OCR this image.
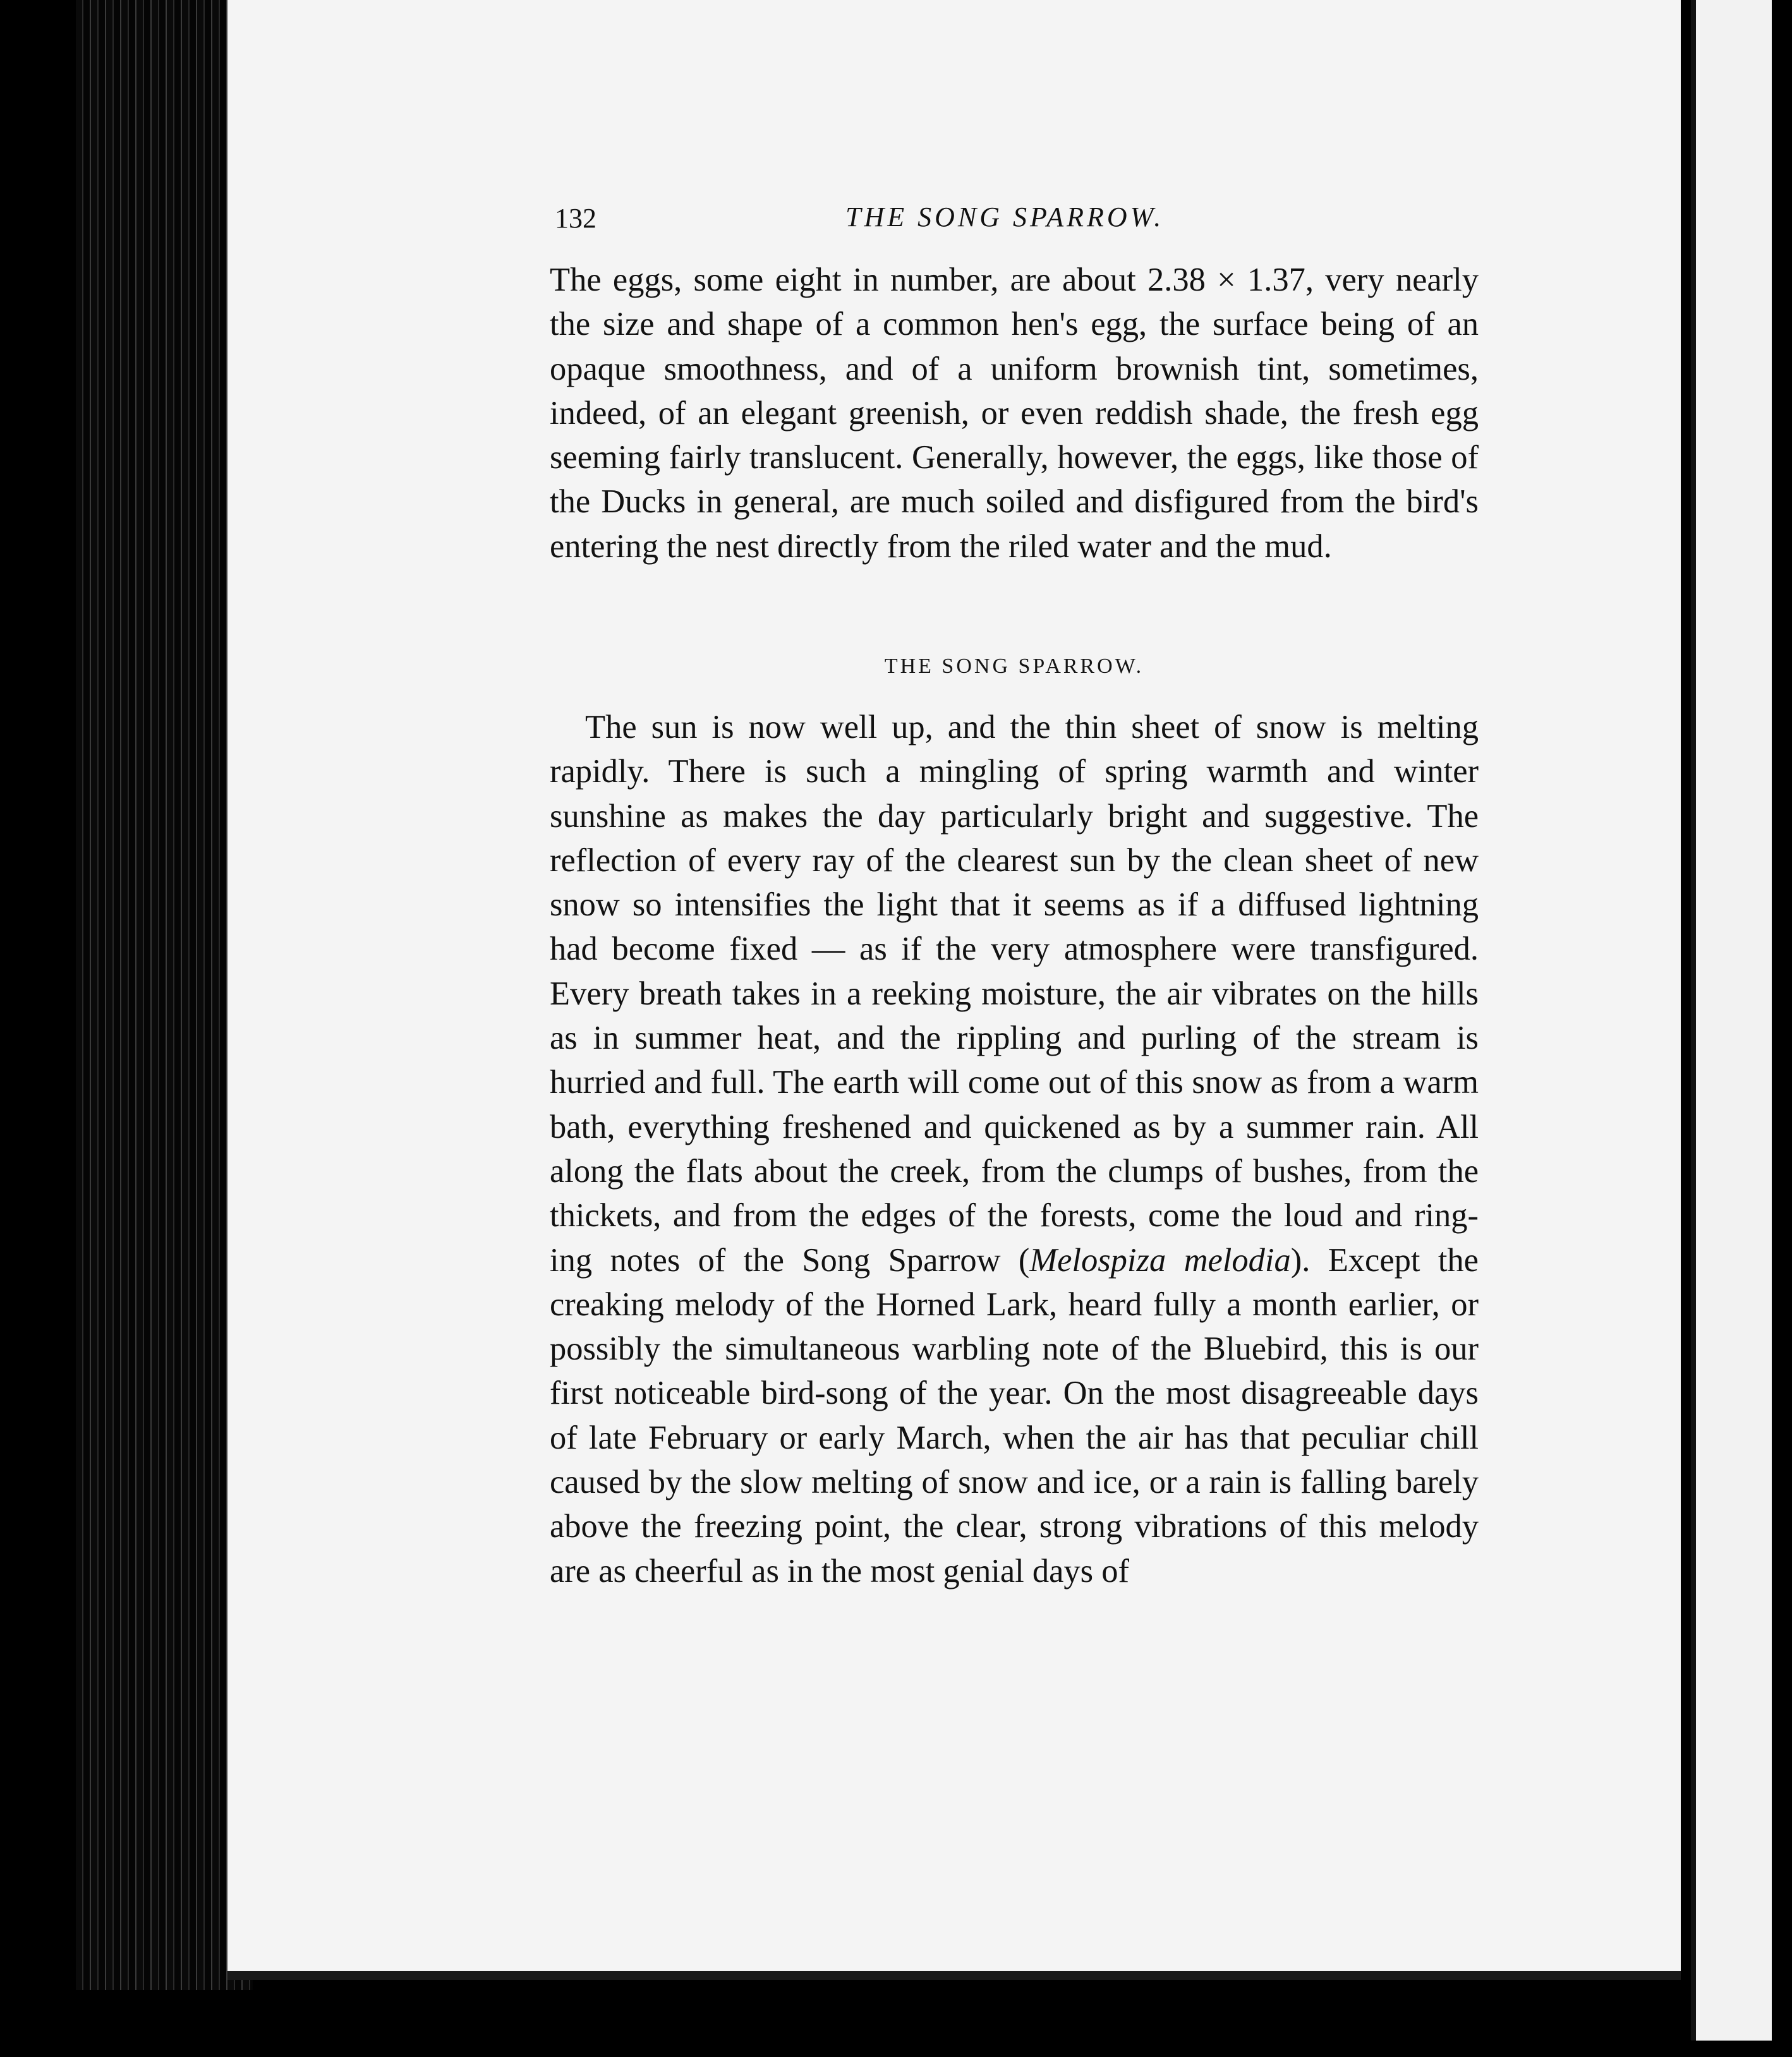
132	THE SONG SPARROW.

The eggs, some eight in number, are about 2.38 × 1.37, very nearly the size and shape of a common hen's egg, the surface being of an opaque smoothness, and of a uniform brownish tint, sometimes, indeed, of an elegant greenish, or even reddish shade, the fresh egg seeming fairly translucent. Generally, however, the eggs, like those of the Ducks in general, are much soiled and disfigured from the bird's entering the nest directly from the riled water and the mud.

THE SONG SPARROW.

The sun is now well up, and the thin sheet of snow is melting rapidly. There is such a mingling of spring warmth and winter sunshine as makes the day particularly bright and suggestive. The reflection of every ray of the clearest sun by the clean sheet of new snow so intensifies the light that it seems as if a diffused lightning had become fixed — as if the very atmosphere were transfigured. Every breath takes in a reeking moisture, the air vibrates on the hills as in summer heat, and the rippling and purling of the stream is hurried and full. The earth will come out of this snow as from a warm bath, everything freshened and quickened as by a summer rain. All along the flats about the creek, from the clumps of bushes, from the thickets, and from the edges of the forests, come the loud and ring-ing notes of the Song Sparrow (Melospiza melodia). Except the creaking melody of the Horned Lark, heard fully a month earlier, or possibly the simultaneous warbling note of the Bluebird, this is our first noticeable bird-song of the year. On the most disagreeable days of late February or early March, when the air has that peculiar chill caused by the slow melting of snow and ice, or a rain is falling barely above the freezing point, the clear, strong vibrations of this melody are as cheerful as in the most genial days of
